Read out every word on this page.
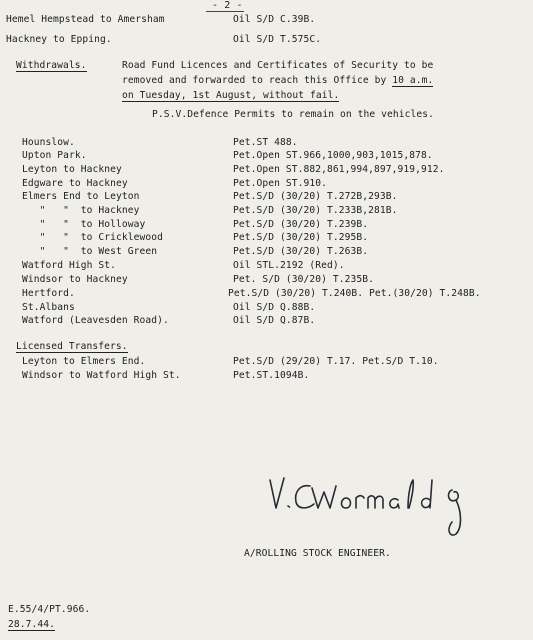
- 2 -
Hemel Hempstead to Amersham	Oil S/D C.39B.
Hackney to Epping.	Oil S/D T.575C.
Withdrawals.	Road Fund Licences and Certificates of Security to be
removed and forwarded to reach this Office by 10 a.m.
on Tuesday, 1st August, without fail.
P.S.V.Defence Permits to remain on the vehicles.
Hounslow.	Pet.ST 488.
Upton Park.	Pet.Open ST.966,1000,903,1015,878.
Leyton to Hackney	Pet.Open ST.882,861,994,897,919,912.
Edgware to Hackney	Pet.Open ST.910.
Elmers End to Leyton	Pet.S/D (30/20) T.272B,293B.
"   "  to Hackney	Pet.S/D (30/20) T.233B,281B.
"   "  to Holloway	Pet.S/D (30/20) T.239B.
"   "  to Cricklewood	Pet.S/D (30/20) T.295B.
"   "  to West Green	Pet.S/D (30/20) T.263B.
Watford High St.	Oil STL.2192 (Red).
Windsor to Hackney	Pet. S/D (30/20) T.235B.
Hertford.	Pet.S/D (30/20) T.240B. Pet.(30/20) T.248B.
St.Albans	Oil S/D Q.88B.
Watford (Leavesden Road).	Oil S/D Q.87B.
Licensed Transfers.
Leyton to Elmers End.	Pet.S/D (29/20) T.17. Pet.S/D T.10.
Windsor to Watford High St.	Pet.ST.1094B.
V. CWormald
A/ROLLING STOCK ENGINEER.
E.55/4/PT.966.
28.7.44.
